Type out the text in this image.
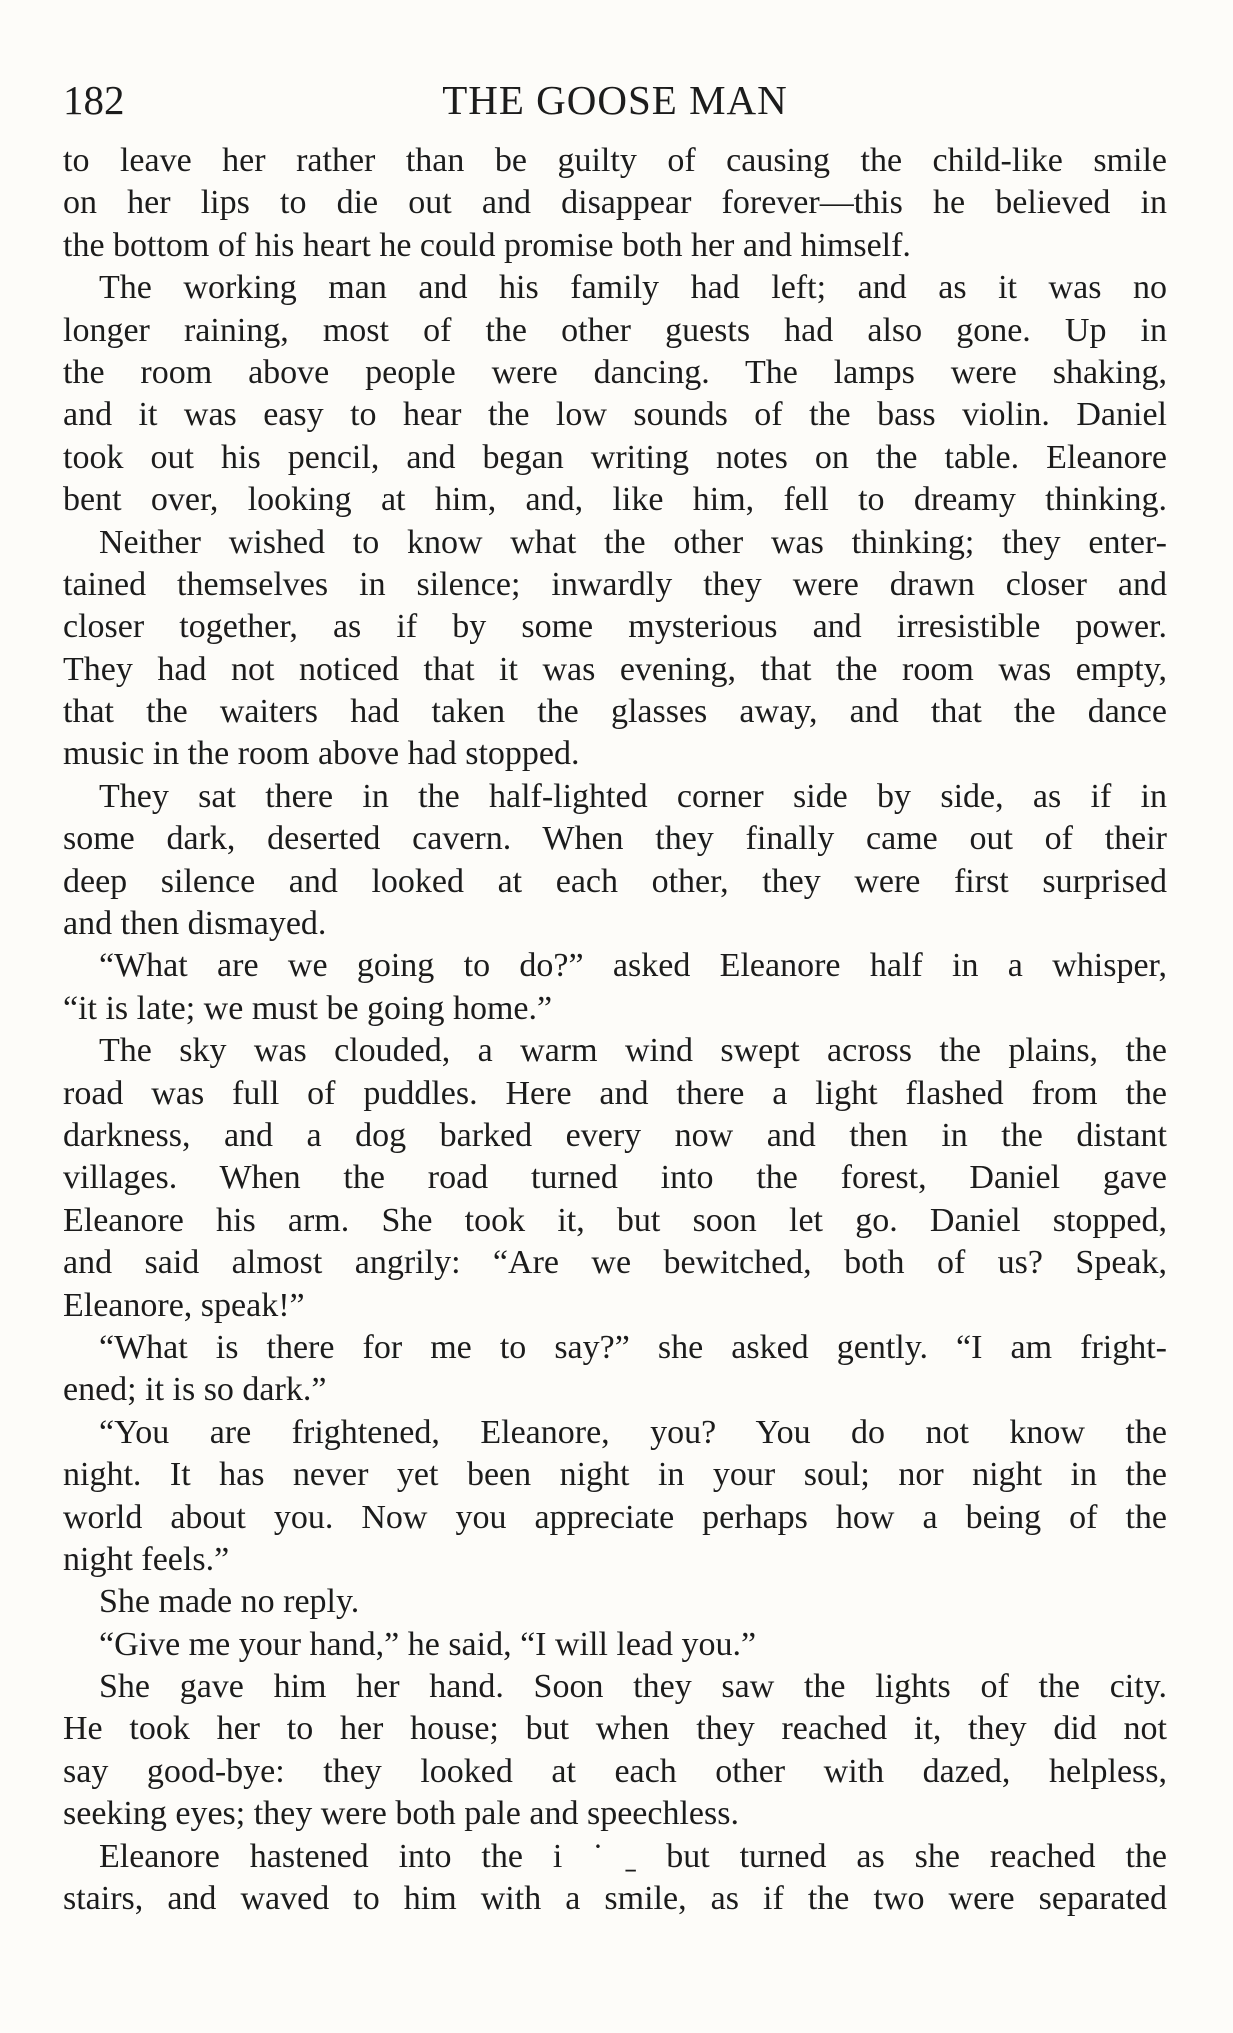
182	THE GOOSE MAN
to leave her rather than be guilty of causing the child-like smile
on her lips to die out and disappear forever—this he believed in
the bottom of his heart he could promise both her and himself.
The working man and his family had left; and as it was no
longer raining, most of the other guests had also gone. Up in
the room above people were dancing. The lamps were shaking,
and it was easy to hear the low sounds of the bass violin. Daniel
took out his pencil, and began writing notes on the table. Eleanore
bent over, looking at him, and, like him, fell to dreamy thinking.
Neither wished to know what the other was thinking; they enter-
tained themselves in silence; inwardly they were drawn closer and
closer together, as if by some mysterious and irresistible power.
They had not noticed that it was evening, that the room was empty,
that the waiters had taken the glasses away, and that the dance
music in the room above had stopped.
They sat there in the half-lighted corner side by side, as if in
some dark, deserted cavern. When they finally came out of their
deep silence and looked at each other, they were first surprised
and then dismayed.
“What are we going to do?” asked Eleanore half in a whisper,
“it is late; we must be going home.”
The sky was clouded, a warm wind swept across the plains, the
road was full of puddles. Here and there a light flashed from the
darkness, and a dog barked every now and then in the distant
villages. When the road turned into the forest, Daniel gave
Eleanore his arm. She took it, but soon let go. Daniel stopped,
and said almost angrily: “Are we bewitched, both of us? Speak,
Eleanore, speak!”
“What is there for me to say?” she asked gently. “I am fright-
ened; it is so dark.”
“You are frightened, Eleanore, you? You do not know the
night. It has never yet been night in your soul; nor night in the
world about you. Now you appreciate perhaps how a being of the
night feels.”
She made no reply.
“Give me your hand,” he said, “I will lead you.”
She gave him her hand. Soon they saw the lights of the city.
He took her to her house; but when they reached it, they did not
say good-bye: they looked at each other with dazed, helpless,
seeking eyes; they were both pale and speechless.
Eleanore hastened into the i ˙ˍ but turned as she reached the
stairs, and waved to him with a smile, as if the two were separated
